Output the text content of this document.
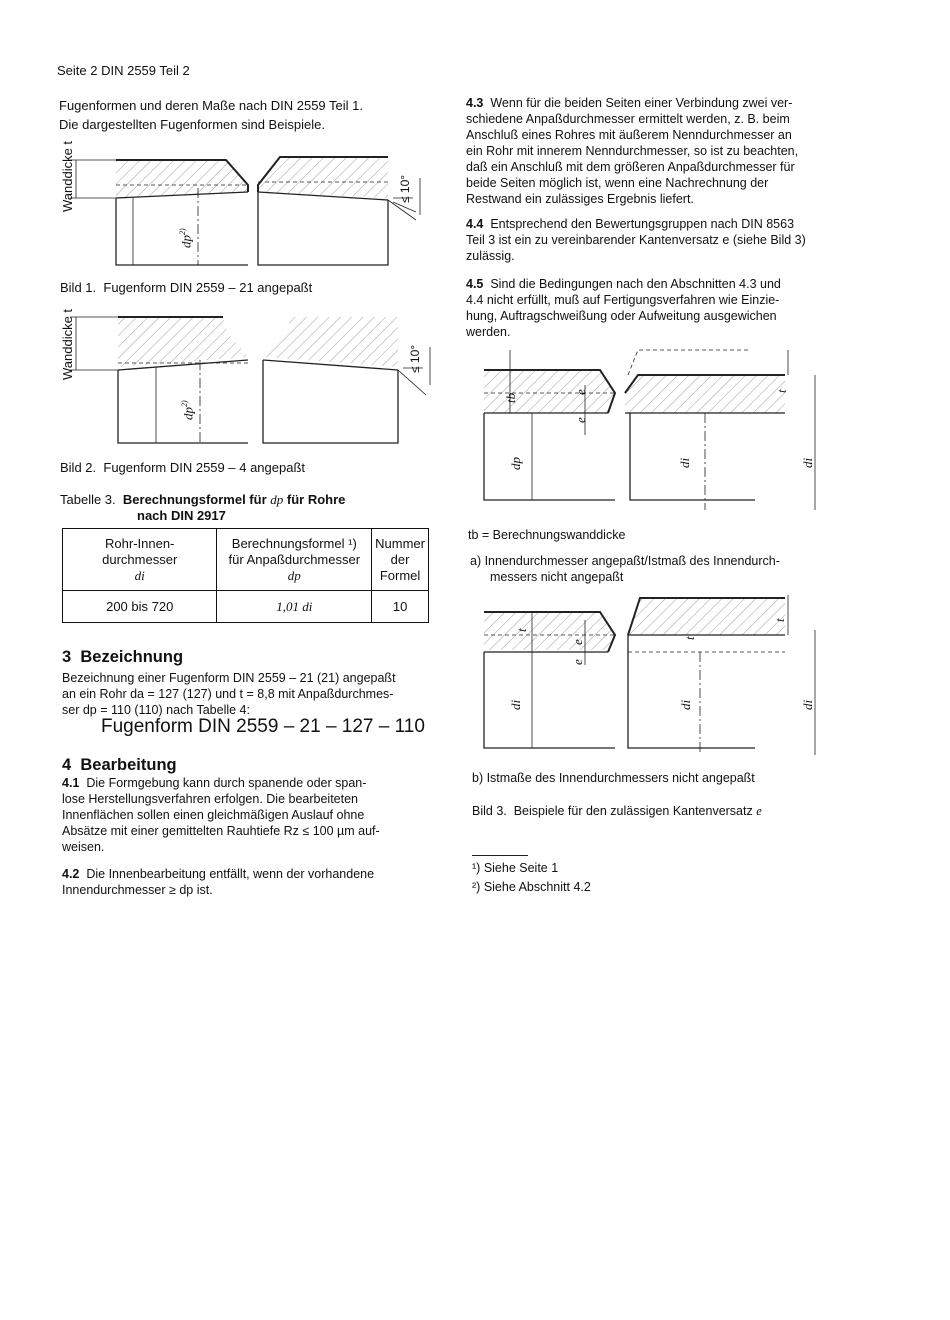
Seite 2 DIN 2559 Teil 2
Fugenformen und deren Maße nach DIN 2559 Teil 1.
Die dargestellten Fugenformen sind Beispiele.
Wanddicke t
$dp^{2)}$
≤ 10°
Bild 1. Fugenform DIN 2559 – 21 angepaßt
Wanddicke t
$dp^{2)}$
≤ 10°
Bild 2. Fugenform DIN 2559 – 4 angepaßt
Tabelle 3. Berechnungsformel für dp für Rohre
nach DIN 2917
Rohr-Innen-
durchmesser
di	Berechnungsformel ¹)
für Anpaßdurchmesser
dp	Nummer
der
Formel
200 bis 720	1,01 di	10
3 Bezeichnung
Bezeichnung einer Fugenform DIN 2559 – 21 (21) angepaßt
an ein Rohr da = 127 (127) und t = 8,8 mit Anpaßdurchmes-
ser dp = 110 (110) nach Tabelle 4:
Fugenform DIN 2559 – 21 – 127 – 110
4 Bearbeitung
4.1 Die Formgebung kann durch spanende oder span-
lose Herstellungsverfahren erfolgen. Die bearbeiteten
Innenflächen sollen einen gleichmäßigen Auslauf ohne
Absätze mit einer gemittelten Rauhtiefe Rz ≤ 100 µm auf-
weisen.
4.2 Die Innenbearbeitung entfällt, wenn der vorhandene
Innendurchmesser ≥ dp ist.
4.3 Wenn für die beiden Seiten einer Verbindung zwei ver-
schiedene Anpaßdurchmesser ermittelt werden, z. B. beim
Anschluß eines Rohres mit äußerem Nenndurchmesser an
ein Rohr mit innerem Nenndurchmesser, so ist zu beachten,
daß ein Anschluß mit dem größeren Anpaßdurchmesser für
beide Seiten möglich ist, wenn eine Nachrechnung der
Restwand ein zulässiges Ergebnis liefert.
4.4 Entsprechend den Bewertungsgruppen nach DIN 8563
Teil 3 ist ein zu vereinbarender Kantenversatz e (siehe Bild 3)
zulässig.
4.5 Sind die Bedingungen nach den Abschnitten 4.3 und
4.4 nicht erfüllt, muß auf Fertigungsverfahren wie Einzie-
hung, Auftragschweißung oder Aufweitung ausgewichen
werden.
tb
e
e
dp	di
t
di
tb = Berechnungswanddicke
a) Innendurchmesser angepaßt/Istmaß des Innendurch-
messers nicht angepaßt
t
e
e
di	di
t
t
di
b) Istmaße des Innendurchmessers nicht angepaßt
Bild 3. Beispiele für den zulässigen Kantenversatz e
¹) Siehe Seite 1
²) Siehe Abschnitt 4.2
